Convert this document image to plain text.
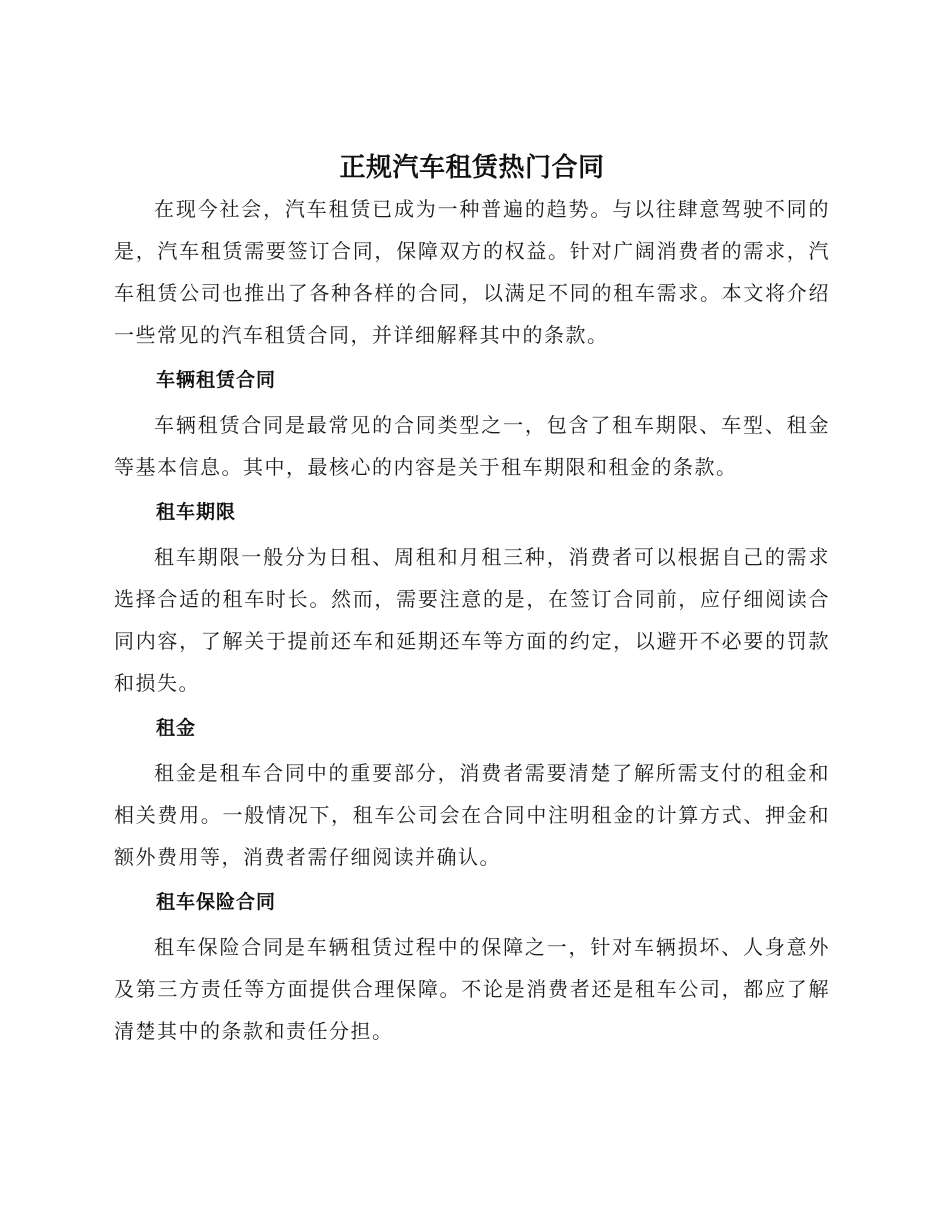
正规汽车租赁热门合同

在现今社会，汽车租赁已成为一种普遍的趋势。与以往肆意驾驶不同的是，汽车租赁需要签订合同，保障双方的权益。针对广阔消费者的需求，汽车租赁公司也推出了各种各样的合同，以满足不同的租车需求。本文将介绍一些常见的汽车租赁合同，并详细解释其中的条款。

车辆租赁合同

车辆租赁合同是最常见的合同类型之一，包含了租车期限、车型、租金等基本信息。其中，最核心的内容是关于租车期限和租金的条款。

租车期限

租车期限一般分为日租、周租和月租三种，消费者可以根据自己的需求选择合适的租车时长。然而，需要注意的是，在签订合同前，应仔细阅读合同内容，了解关于提前还车和延期还车等方面的约定，以避开不必要的罚款和损失。

租金

租金是租车合同中的重要部分，消费者需要清楚了解所需支付的租金和相关费用。一般情况下，租车公司会在合同中注明租金的计算方式、押金和额外费用等，消费者需仔细阅读并确认。

租车保险合同

租车保险合同是车辆租赁过程中的保障之一，针对车辆损坏、人身意外及第三方责任等方面提供合理保障。不论是消费者还是租车公司，都应了解清楚其中的条款和责任分担。
